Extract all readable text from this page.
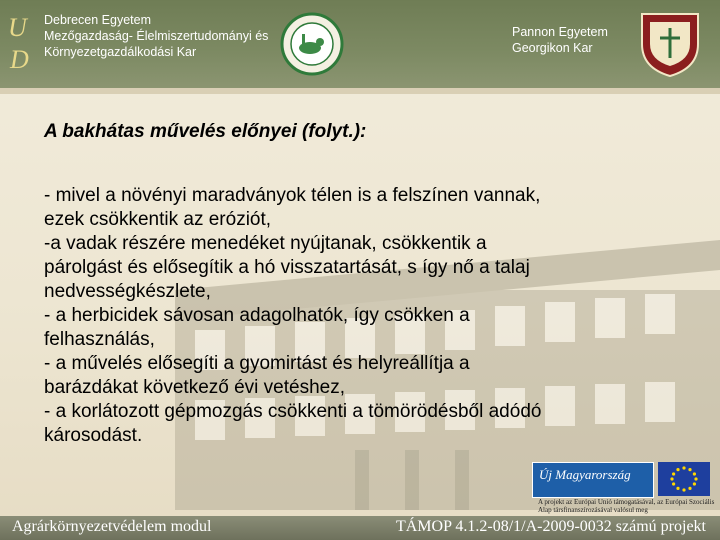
U
D
Debrecen Egyetem
Mezőgazdaság- Élelmiszertudományi és
Környezetgazdálkodási Kar
Pannon Egyetem
Georgikon Kar
A bakhátas művelés előnyei (folyt.):

- mivel a növényi maradványok télen is a felszínen vannak,

ezek csökkentik az eróziót,

-a vadak részére menedéket nyújtanak, csökkentik a

párolgást és elősegítik a hó visszatartását, s így nő a talaj

nedvességkészlete,

- a herbicidek sávosan adagolhatók, így csökken a

felhasználás,

- a művelés elősegíti a gyomirtást és helyreállítja a

barázdákat következő évi vetéshez,

- a korlátozott gépmozgás csökkenti a tömörödésből adódó

károsodást.

Új Magyarország
A projekt az Európai Unió támogatásával, az Európai Szociális Alap társfinanszírozásával valósul meg
Agrárkörnyezetvédelem modul	TÁMOP 4.1.2-08/1/A-2009-0032 számú projekt
